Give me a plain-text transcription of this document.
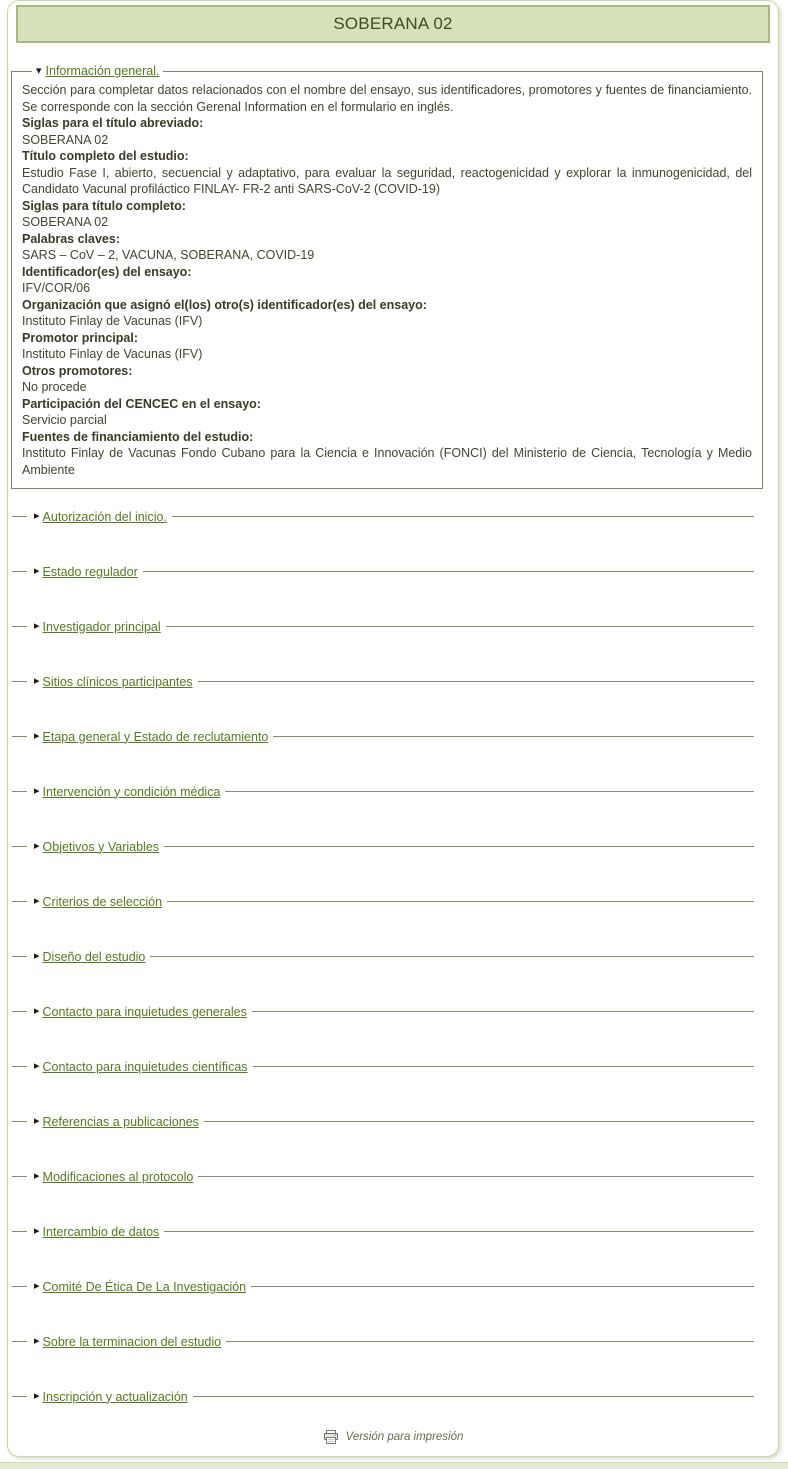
SOBERANA 02
▾ Información general.

Sección para completar datos relacionados con el nombre del ensayo, sus identificadores, promotores y fuentes de financiamiento. Se corresponde con la sección Gerenal Information en el formulario en inglés.

Siglas para el título abreviado:
SOBERANA 02
Título completo del estudio:
Estudio Fase I, abierto, secuencial y adaptativo, para evaluar la seguridad, reactogenicidad y explorar la inmunogenicidad, del Candidato Vacunal profiláctico FINLAY- FR-2 anti SARS-CoV-2 (COVID-19)
Siglas para título completo:
SOBERANA 02
Palabras claves:
SARS – CoV – 2, VACUNA, SOBERANA, COVID-19
Identificador(es) del ensayo:
IFV/COR/06
Organización que asignó el(los) otro(s) identificador(es) del ensayo:
Instituto Finlay de Vacunas (IFV)
Promotor principal:
Instituto Finlay de Vacunas (IFV)
Otros promotores:
No procede
Participación del CENCEC en el ensayo:
Servicio parcial
Fuentes de financiamiento del estudio:
Instituto Finlay de Vacunas Fondo Cubano para la Ciencia e Innovación (FONCI) del Ministerio de Ciencia, Tecnología y Medio Ambiente
▸ Autorización del inicio.
▸ Estado regulador
▸ Investigador principal
▸ Sitios clínicos participantes
▸ Etapa general y Estado de reclutamiento
▸ Intervención y condición médica
▸ Objetivos y Variables
▸ Criterios de selección
▸ Diseño del estudio
▸ Contacto para inquietudes generales
▸ Contacto para inquietudes científicas
▸ Referencias a publicaciones
▸ Modificaciones al protocolo
▸ Intercambio de datos
▸ Comité De Ética De La Investigación
▸ Sobre la terminacion del estudio
▸ Inscripción y actualización
Versión para impresión
